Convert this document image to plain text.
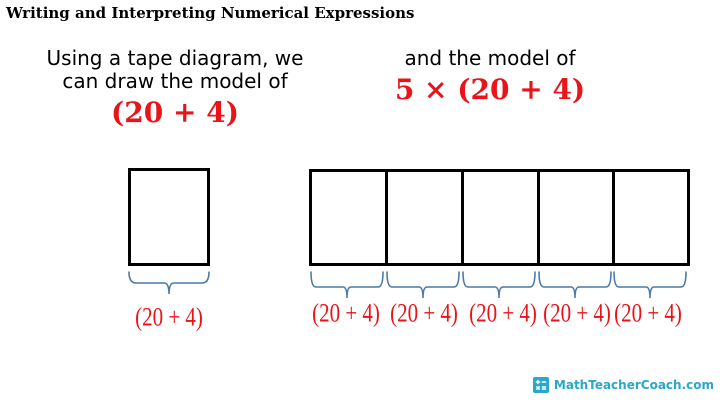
Writing and Interpreting Numerical Expressions
Using a tape diagram, we
can draw the model of
(20 + 4)
and the model of
5 × (20 + 4)
(20 + 4)	(20 + 4) (20 + 4) (20 + 4) (20 + 4) (20 + 4)
MathTeacherCoach.com
